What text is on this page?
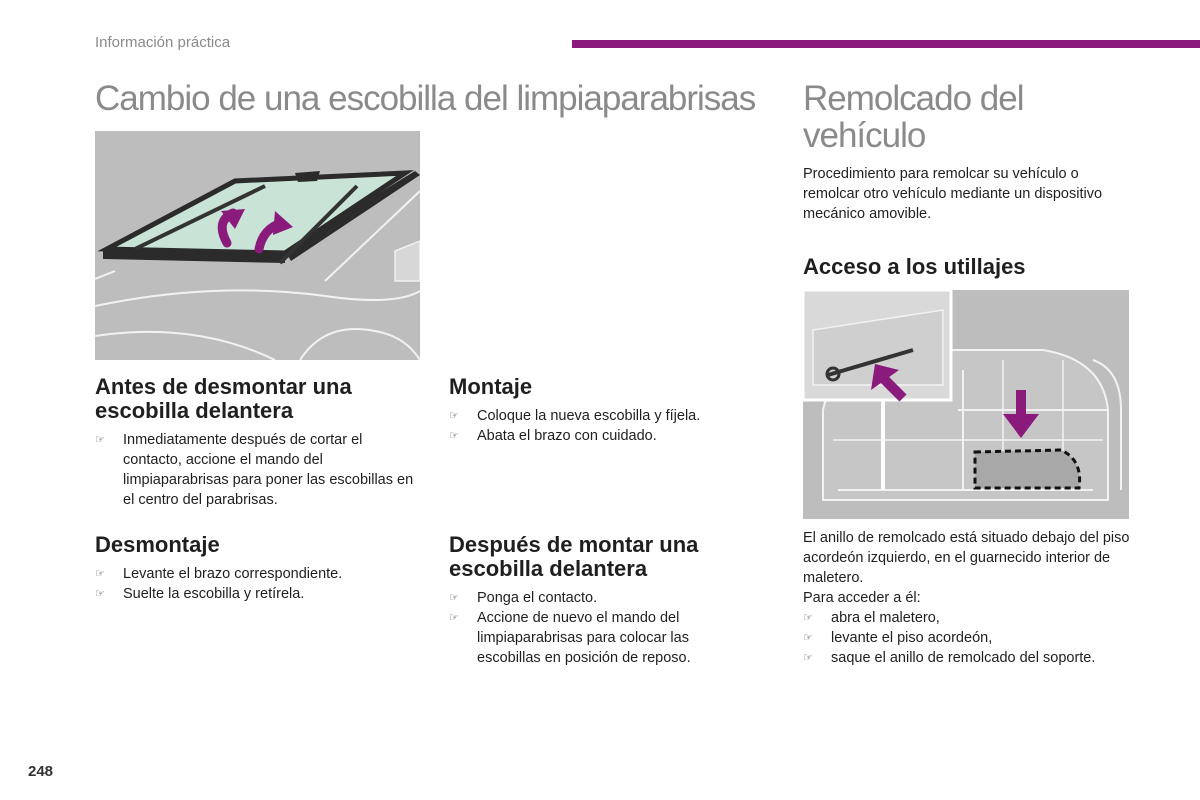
Información práctica
Cambio de una escobilla del limpiaparabrisas
Antes de desmontar una escobilla delantera
☞ Inmediatamente después de cortar el contacto, accione el mando del limpiaparabrisas para poner las escobillas en el centro del parabrisas.
Desmontaje
☞ Levante el brazo correspondiente.
☞ Suelte la escobilla y retírela.
Montaje
☞ Coloque la nueva escobilla y fíjela.
☞ Abata el brazo con cuidado.
Después de montar una escobilla delantera
☞ Ponga el contacto.
☞ Accione de nuevo el mando del limpiaparabrisas para colocar las escobillas en posición de reposo.
Remolcado del vehículo

Procedimiento para remolcar su vehículo o remolcar otro vehículo mediante un dispositivo mecánico amovible.

Acceso a los utillajes

El anillo de remolcado está situado debajo del piso acordeón izquierdo, en el guarnecido interior de maletero.

Para acceder a él:

☞ abra el maletero,
☞ levante el piso acordeón,
☞ saque el anillo de remolcado del soporte.
248
